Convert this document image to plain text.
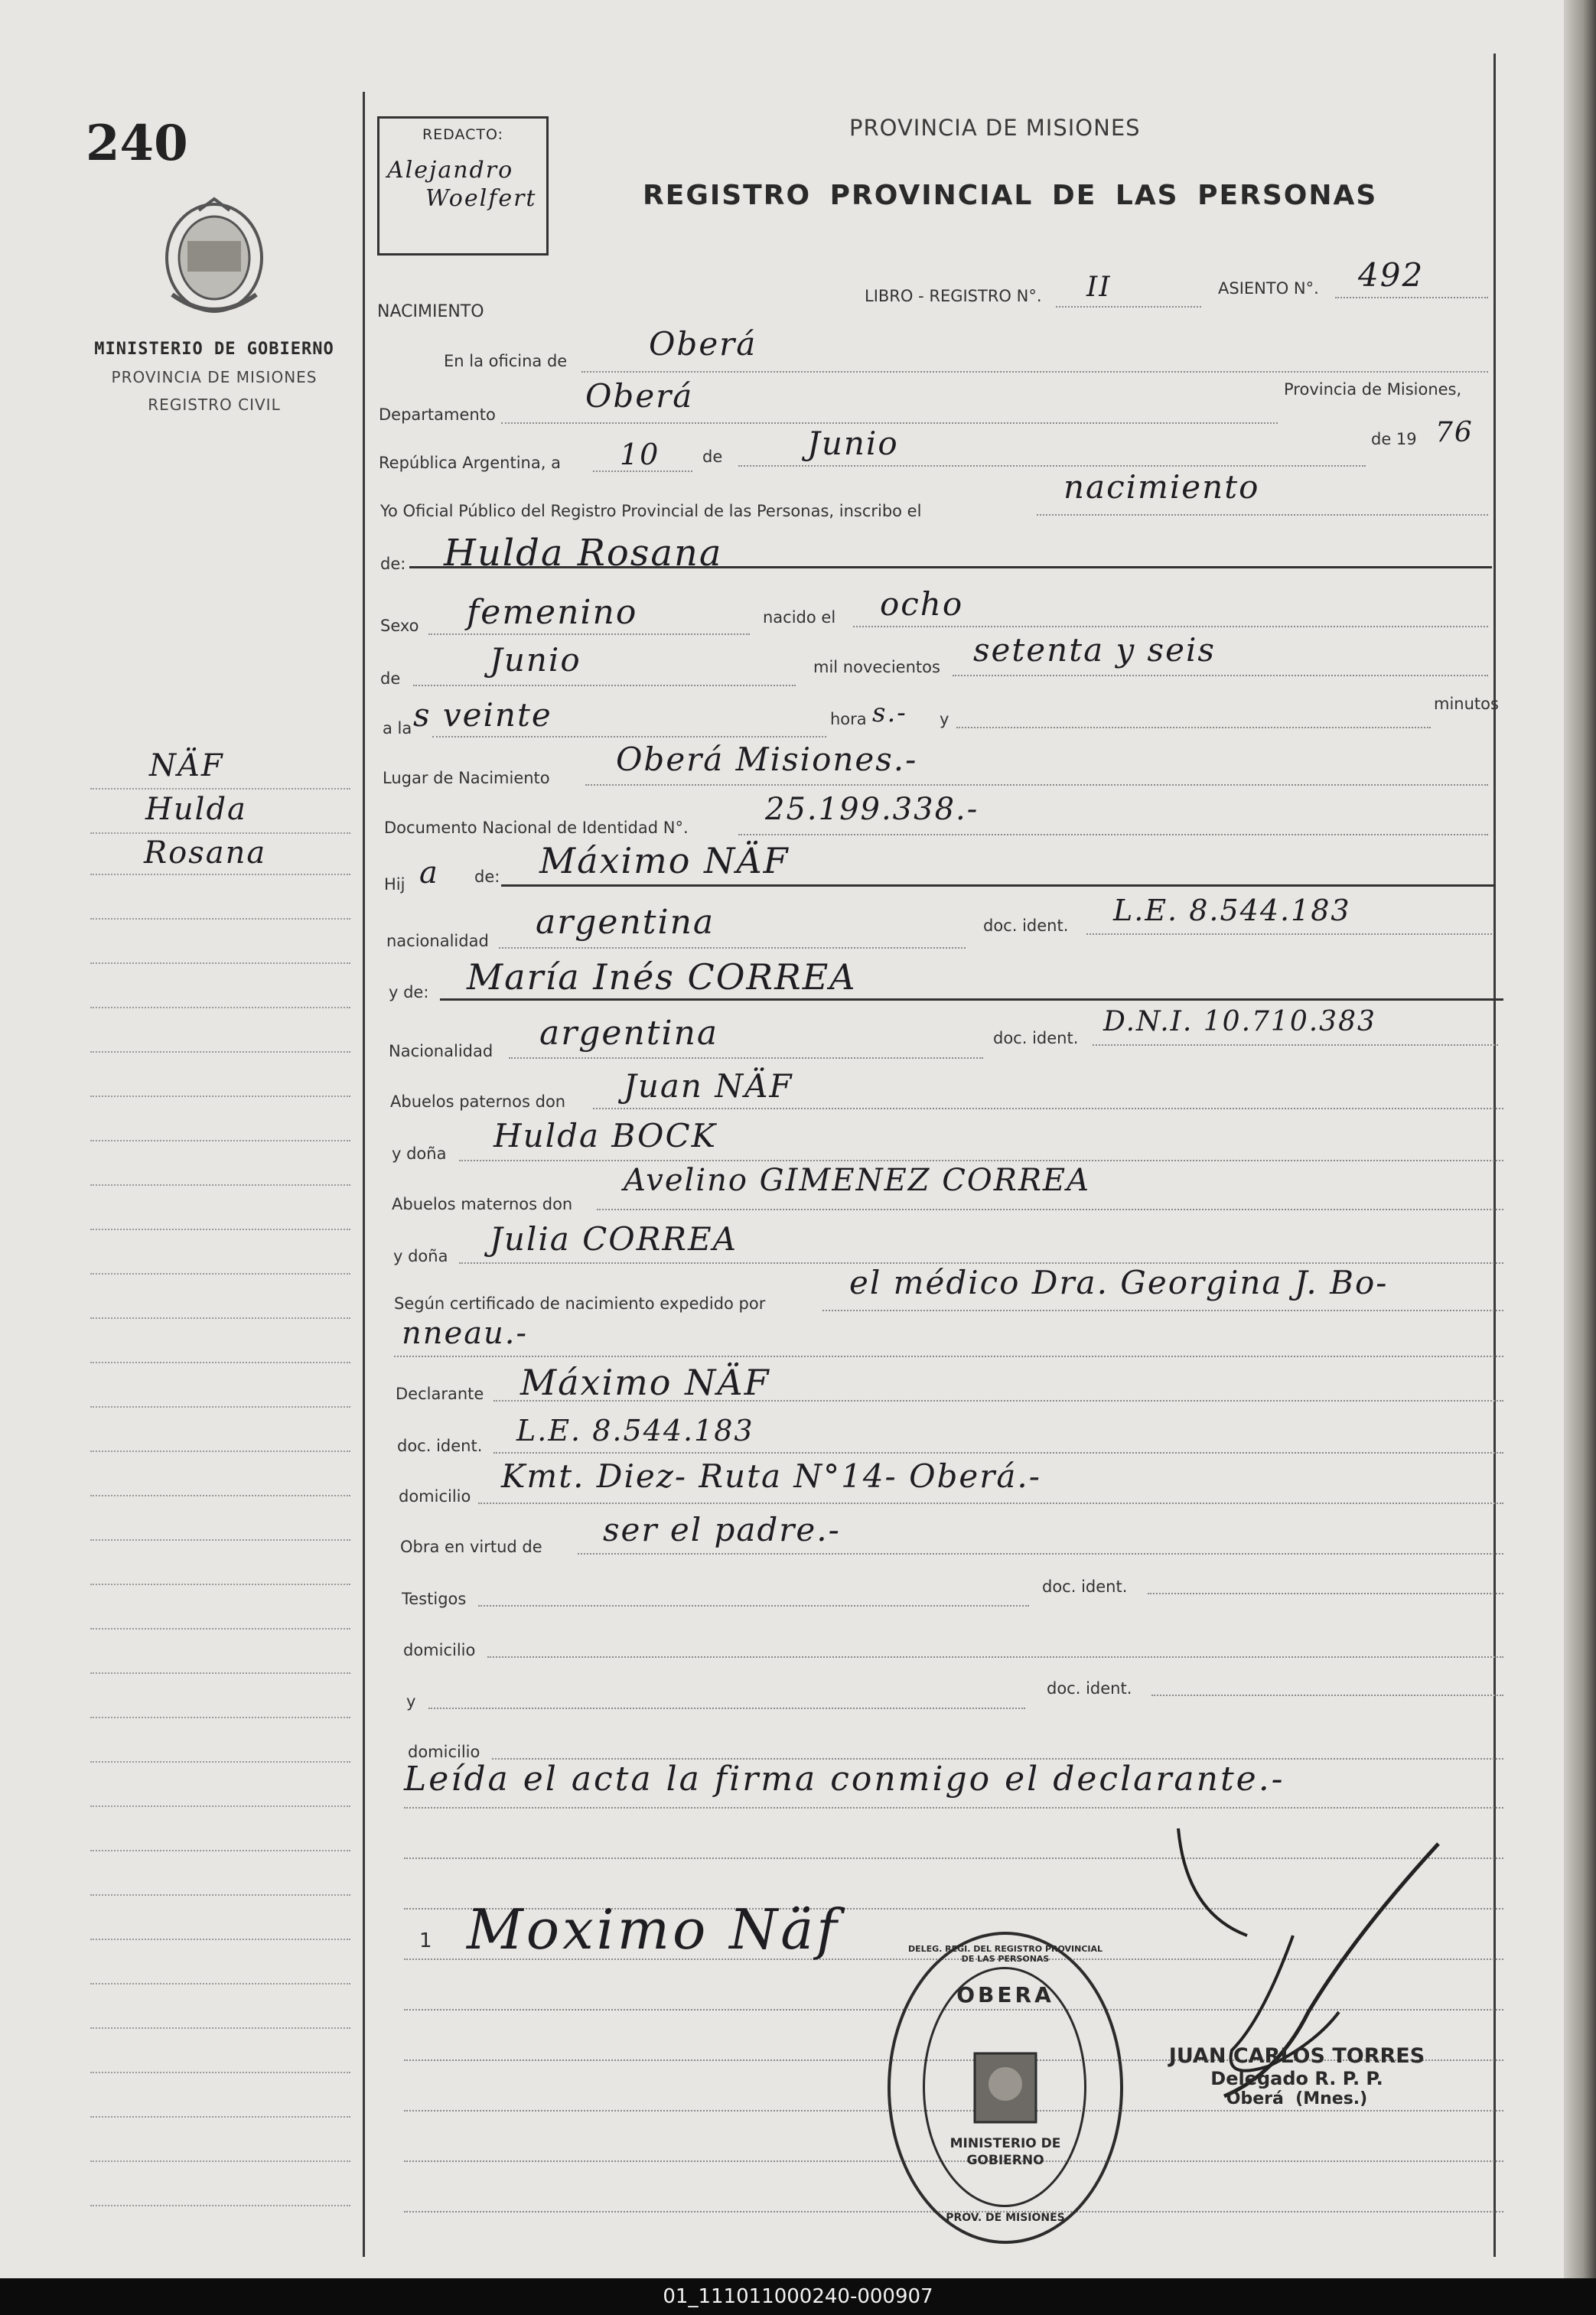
240
MINISTERIO DE GOBIERNO
PROVINCIA DE MISIONES
REGISTRO CIVIL
NÄF
Hulda
Rosana
REDACTO:
Alejandro
Woelfert
PROVINCIA DE MISIONES
REGISTRO PROVINCIAL DE LAS PERSONAS
LIBRO - REGISTRO N°. II	ASIENTO N°. 492
NACIMIENTO
En la oficina de	Oberá
Departamento	Oberá	Provincia de Misiones,
República Argentina, a 10	de	Junio	de 19 76
Yo Oficial Público del Registro Provincial de las Personas, inscribo el
nacimiento
de: Hulda Rosana
Sexo femenino	nacido el ocho
de	Junio	mil novecientos setenta y seis
a la s veinte	hora s.- y
minutos
Lugar de Nacimiento Oberá Misiones.-
Documento Nacional de Identidad N°.
25.199.338.-
Hij a de: Máximo NÄF
nacionalidad argentina	doc. ident. L.E. 8.544.183
y de: María Inés CORREA
Nacionalidad argentina	doc. ident.
D.N.I. 10.710.383
Abuelos paternos don Juan NÄF
y doña Hulda BOCK
Abuelos maternos don
Avelino GIMENEZ CORREA
y doña Julia CORREA
Según certificado de nacimiento expedido por
el médico Dra. Georgina J. Bo-
nneau.-
Declarante Máximo NÄF
doc. ident. L.E. 8.544.183
domicilio
Kmt. Diez- Ruta N°14- Oberá.-
Obra en virtud de ser el padre.-
Testigos
doc. ident.
domicilio
y
doc. ident.
domicilio
Leída el acta la firma conmigo el declarante.-
1 Moximo Näf
OBERA
MINISTERIO DE GOBIERNO
DELEG. REGI. DEL REGISTRO PROVINCIAL DE LAS PERSONAS
PROV. DE MISIONES
JUAN CARLOS TORRES
Delegado R. P. P.
Oberá  (Mnes.)
01_111011000240-000907
